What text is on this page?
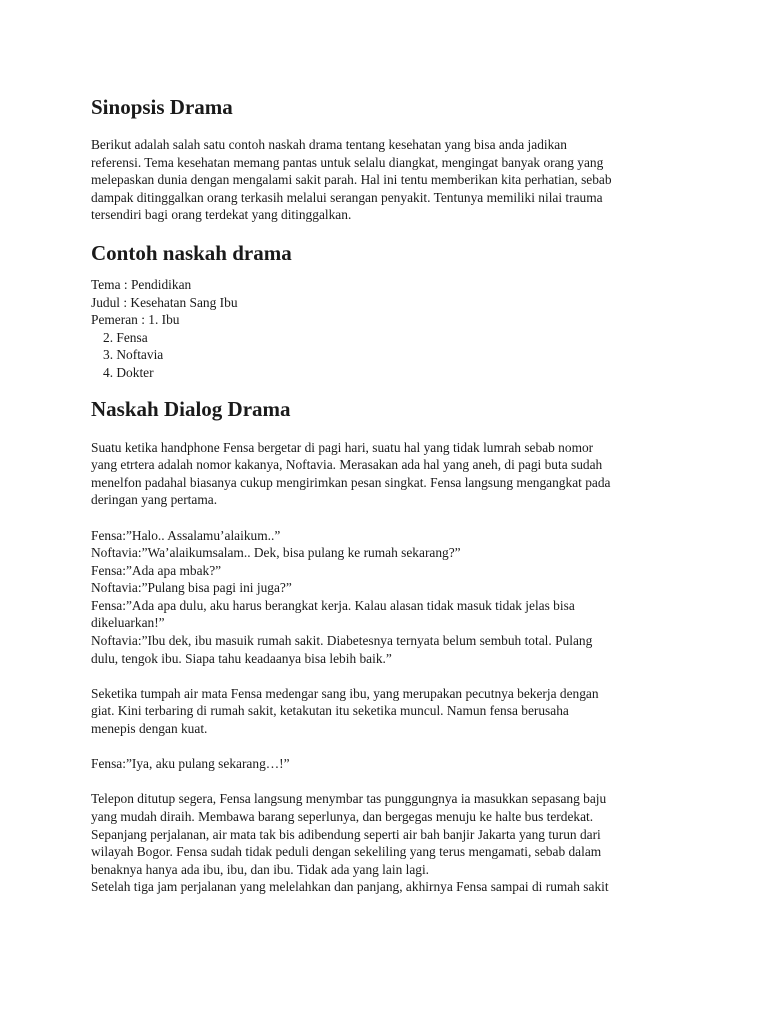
Sinopsis Drama
Berikut adalah salah satu contoh naskah drama tentang kesehatan yang bisa anda jadikan
referensi. Tema kesehatan memang pantas untuk selalu diangkat, mengingat banyak orang yang
melepaskan dunia dengan mengalami sakit parah. Hal ini tentu memberikan kita perhatian, sebab
dampak ditinggalkan orang terkasih melalui serangan penyakit. Tentunya memiliki nilai trauma
tersendiri bagi orang terdekat yang ditinggalkan.
Contoh naskah drama
Tema : Pendidikan
Judul : Kesehatan Sang Ibu
Pemeran : 1. Ibu
2. Fensa
3. Noftavia
4. Dokter
Naskah Dialog Drama
Suatu ketika handphone Fensa bergetar di pagi hari, suatu hal yang tidak lumrah sebab nomor
yang etrtera adalah nomor kakanya, Noftavia. Merasakan ada hal yang aneh, di pagi buta sudah
menelfon padahal biasanya cukup mengirimkan pesan singkat. Fensa langsung mengangkat pada
deringan yang pertama.
Fensa:”Halo.. Assalamu’alaikum..”
Noftavia:”Wa’alaikumsalam.. Dek, bisa pulang ke rumah sekarang?”
Fensa:”Ada apa mbak?”
Noftavia:”Pulang bisa pagi ini juga?”
Fensa:”Ada apa dulu, aku harus berangkat kerja. Kalau alasan tidak masuk tidak jelas bisa
dikeluarkan!”
Noftavia:”Ibu dek, ibu masuik rumah sakit. Diabetesnya ternyata belum sembuh total. Pulang
dulu, tengok ibu. Siapa tahu keadaanya bisa lebih baik.”
Seketika tumpah air mata Fensa medengar sang ibu, yang merupakan pecutnya bekerja dengan
giat. Kini terbaring di rumah sakit, ketakutan itu seketika muncul. Namun fensa berusaha
menepis dengan kuat.
Fensa:”Iya, aku pulang sekarang…!”
Telepon ditutup segera, Fensa langsung menymbar tas punggungnya ia masukkan sepasang baju
yang mudah diraih. Membawa barang seperlunya, dan bergegas menuju ke halte bus terdekat.
Sepanjang perjalanan, air mata tak bis adibendung seperti air bah banjir Jakarta yang turun dari
wilayah Bogor. Fensa sudah tidak peduli dengan sekeliling yang terus mengamati, sebab dalam
benaknya hanya ada ibu, ibu, dan ibu. Tidak ada yang lain lagi.
Setelah tiga jam perjalanan yang melelahkan dan panjang, akhirnya Fensa sampai di rumah sakit
